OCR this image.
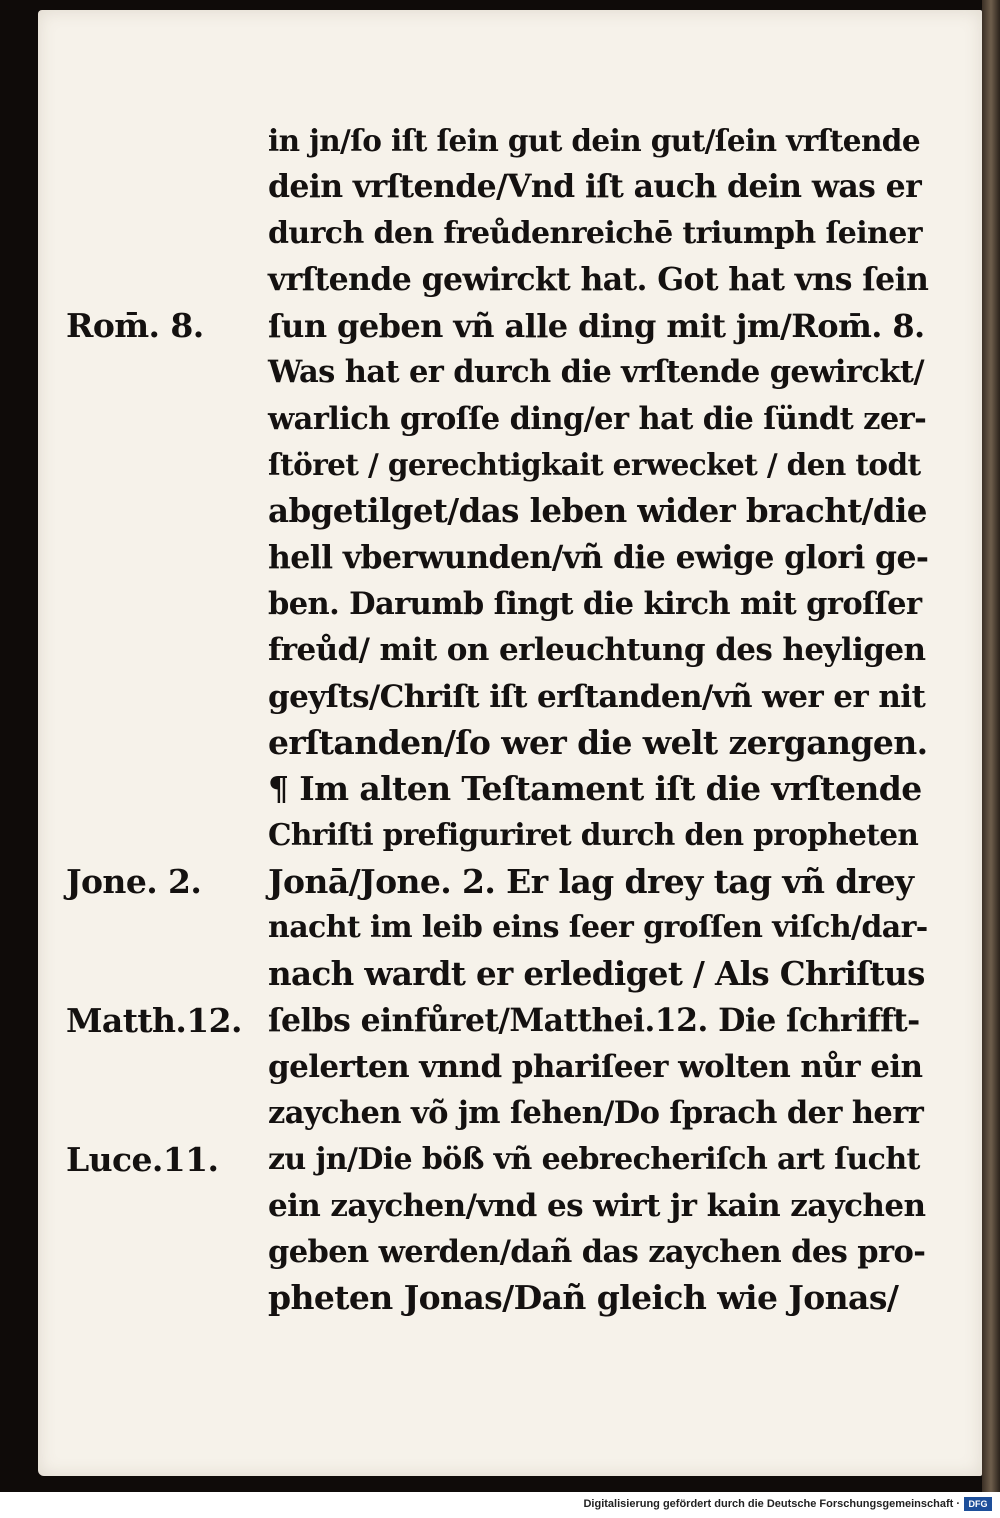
in jn/ſo iſt ſein gut dein gut/ſein vrſtende
dein vrſtende/Vnd iſt auch dein was er
durch den freůdenreichē triumph ſeiner
vrſtende gewirckt hat. Got hat vns ſein
ſun geben vñ alle ding mit jm/Rom̄. 8.
Was hat er durch die vrſtende gewirckt/
warlich groſſe ding/er hat die ſündt zer-
ſtöret / gerechtigkait erwecket / den todt
abgetilget/das leben wider bracht/die
hell vberwunden/vñ die ewige glori ge-
ben. Darumb ſingt die kirch mit groſſer
freůd/ mit on erleuchtung des heyligen
geyſts/Chriſt iſt erſtanden/vñ wer er nit
erſtanden/ſo wer die welt zergangen.
¶ Im alten Teſtament iſt die vrſtende
Chriſti prefiguriret durch den propheten
Jonā/Jone. 2. Er lag drey tag vñ drey
nacht im leib eins ſeer groſſen viſch/dar-
nach wardt er erlediget / Als Chriſtus
ſelbs einfůret/Matthei.12. Die ſchrifft-
gelerten vnnd phariſeer wolten nůr ein
zaychen võ jm ſehen/Do ſprach der herr
zu jn/Die böß vñ eebrecheriſch art ſucht
ein zaychen/vnd es wirt jr kain zaychen
geben werden/dañ das zaychen des pro-
pheten Jonas/Dañ gleich wie Jonas/
Rom̄. 8.
Jone. 2.
Matth.12.
Luce.11.
Digitalisierung gefördert durch die Deutsche Forschungsgemeinschaft · DFG
